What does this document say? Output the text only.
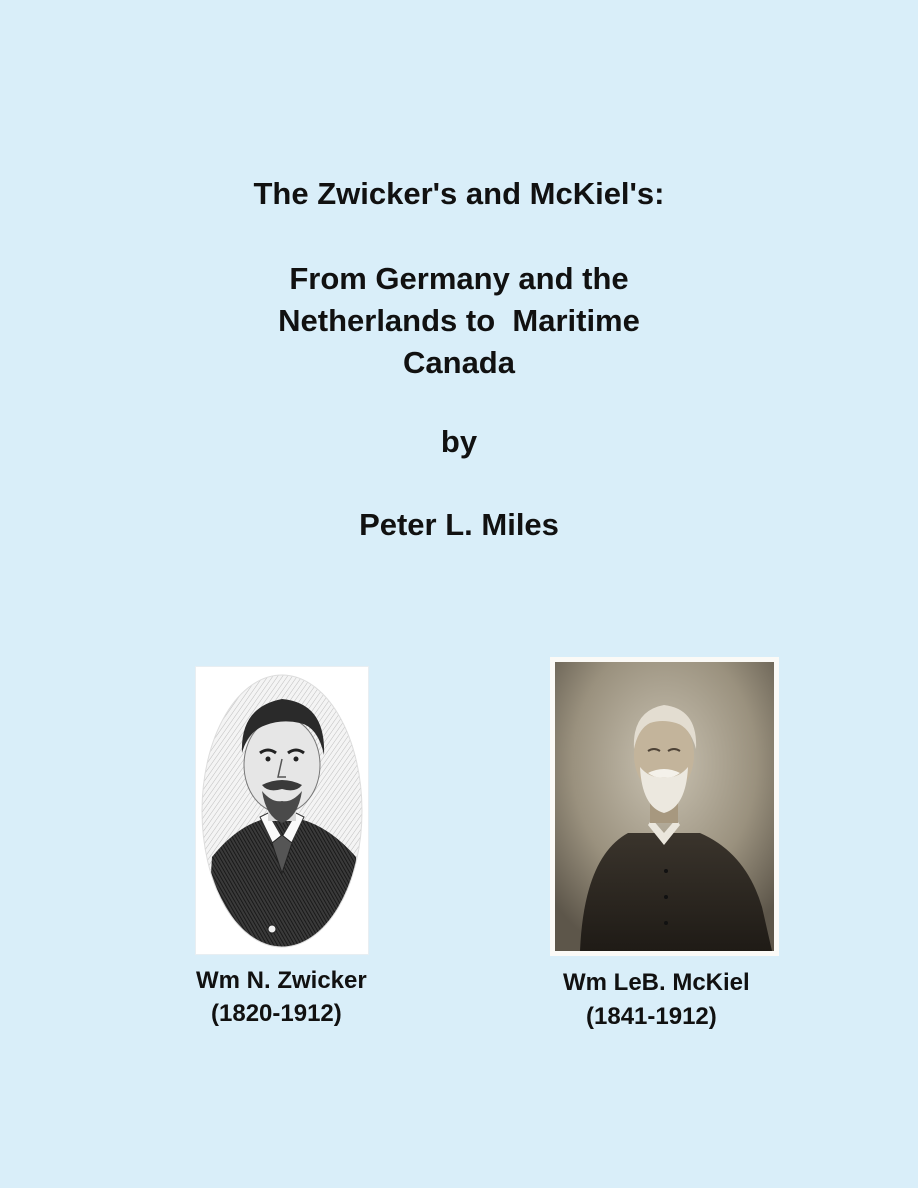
The Zwicker's and McKiel's:
From Germany and the
Netherlands to  Maritime
Canada
by
Peter L. Miles
Wm N. Zwicker
(1820-1912)
Wm LeB. McKiel
(1841-1912)
